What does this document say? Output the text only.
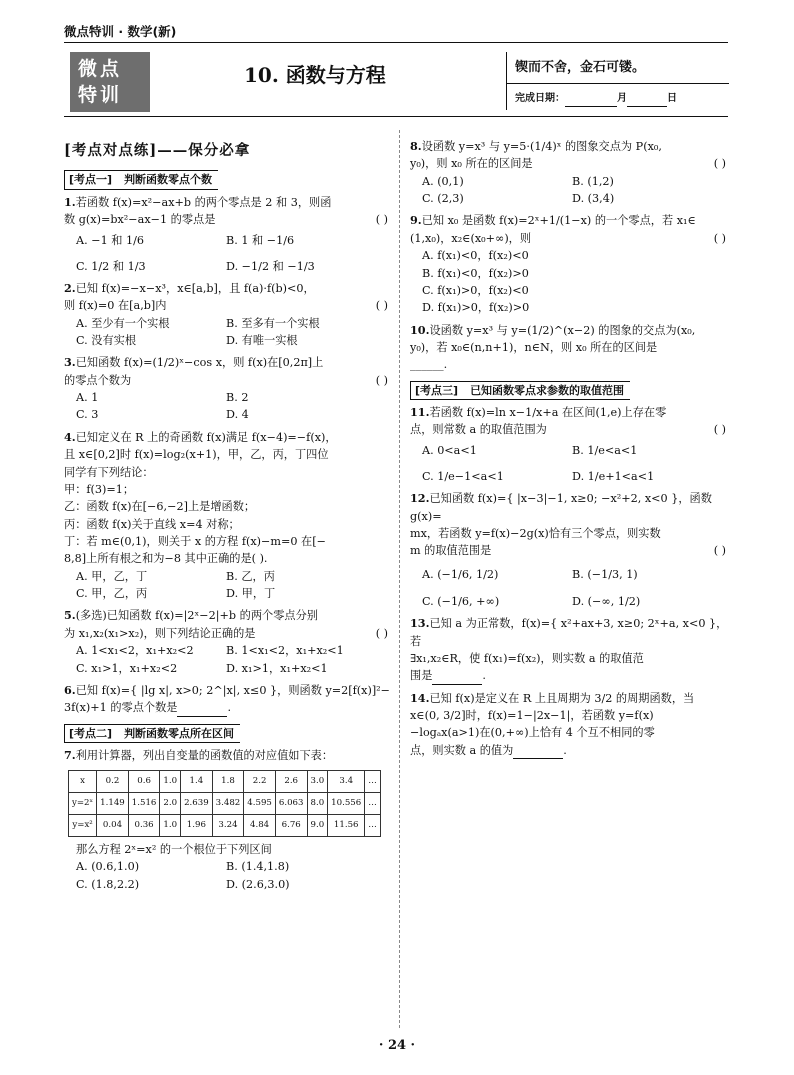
微点特训 · 数学(新)
微点
特训
10. 函数与方程	锲而不舍，金石可镂。
完成日期：	月	日
[考点对点练]——保分必拿
[考点一] 判断函数零点个数
1.若函数 f(x)=x²−ax+b 的两个零点是 2 和 3，则函
数 g(x)=bx²−ax−1 的零点是	( )
A. −1 和 1/6	B. 1 和 −1/6
C. 1/2 和 1/3	D. −1/2 和 −1/3
2.已知 f(x)=−x−x³，x∈[a,b]，且 f(a)·f(b)<0，
则 f(x)=0 在[a,b]内	( )
A. 至少有一个实根	B. 至多有一个实根
C. 没有实根	D. 有唯一实根
3.已知函数 f(x)=(1/2)ˣ−cos x，则 f(x)在[0,2π]上
的零点个数为	( )
A. 1	B. 2
C. 3	D. 4
4.已知定义在 R 上的奇函数 f(x)满足 f(x−4)=−f(x)，
且 x∈[0,2]时 f(x)=log₂(x+1)，甲，乙，丙，丁四位
同学有下列结论：
甲：f(3)=1；
乙：函数 f(x)在[−6,−2]上是增函数；
丙：函数 f(x)关于直线 x=4 对称；
丁：若 m∈(0,1)，则关于 x 的方程 f(x)−m=0 在[−
8,8]上所有根之和为−8 其中正确的是( ).
A. 甲，乙，丁	B. 乙，丙
C. 甲，乙，丙	D. 甲，丁
5.(多选)已知函数 f(x)=|2ˣ−2|+b 的两个零点分别
为 x₁,x₂(x₁>x₂)，则下列结论正确的是	( )
A. 1<x₁<2，x₁+x₂<2	B. 1<x₁<2，x₁+x₂<1
C. x₁>1，x₁+x₂<2	D. x₁>1，x₁+x₂<1
6.已知 f(x)={ |lg x|, x>0; 2^|x|, x≤0 }，则函数 y=2[f(x)]²−
3f(x)+1 的零点个数是	.
[考点二] 判断函数零点所在区间
7.利用计算器，列出自变量的函数值的对应值如下表：
x	0.2	0.6	1.0	1.4	1.8	2.2	2.6	3.0	3.4	…
y=2ˣ	1.149	1.516	2.0	2.639	3.482	4.595	6.063	8.0	10.556	…
y=x²	0.04	0.36	1.0	1.96	3.24	4.84	6.76	9.0	11.56	…
那么方程 2ˣ=x² 的一个根位于下列区间
A. (0.6,1.0)	B. (1.4,1.8)
C. (1.8,2.2)	D. (2.6,3.0)
8.设函数 y=x³ 与 y=5·(1/4)ˣ 的图象交点为 P(x₀,
y₀)，则 x₀ 所在的区间是	( )
A. (0,1)	B. (1,2)
C. (2,3)	D. (3,4)
9.已知 x₀ 是函数 f(x)=2ˣ+1/(1−x) 的一个零点，若 x₁∈
(1,x₀)，x₂∈(x₀+∞)，则	( )
A. f(x₁)<0，f(x₂)<0
B. f(x₁)<0，f(x₂)>0
C. f(x₁)>0，f(x₂)<0
D. f(x₁)>0，f(x₂)>0
10.设函数 y=x³ 与 y=(1/2)^(x−2) 的图象的交点为(x₀,
y₀)，若 x₀∈(n,n+1)，n∈N，则 x₀ 所在的区间是
______.
[考点三] 已知函数零点求参数的取值范围
11.若函数 f(x)=ln x−1/x+a 在区间(1,e)上存在零
点，则常数 a 的取值范围为	( )
A. 0<a<1	B. 1/e<a<1
C. 1/e−1<a<1	D. 1/e+1<a<1
12.已知函数 f(x)={ |x−3|−1, x≥0; −x²+2, x<0 }，函数 g(x)=
mx，若函数 y=f(x)−2g(x)恰有三个零点，则实数
m 的取值范围是	( )
A. (−1/6, 1/2)	B. (−1/3, 1)
C. (−1/6, +∞)	D. (−∞, 1/2)
13.已知 a 为正常数，f(x)={ x²+ax+3, x≥0; 2ˣ+a, x<0 }，若
∃x₁,x₂∈R，使 f(x₁)=f(x₂)，则实数 a 的取值范
围是	.
14.已知 f(x)是定义在 R 上且周期为 3/2 的周期函数，当
x∈(0, 3/2]时，f(x)=1−|2x−1|，若函数 y=f(x)
−logₐx(a>1)在(0,+∞)上恰有 4 个互不相同的零
点，则实数 a 的值为	.
· 24 ·
